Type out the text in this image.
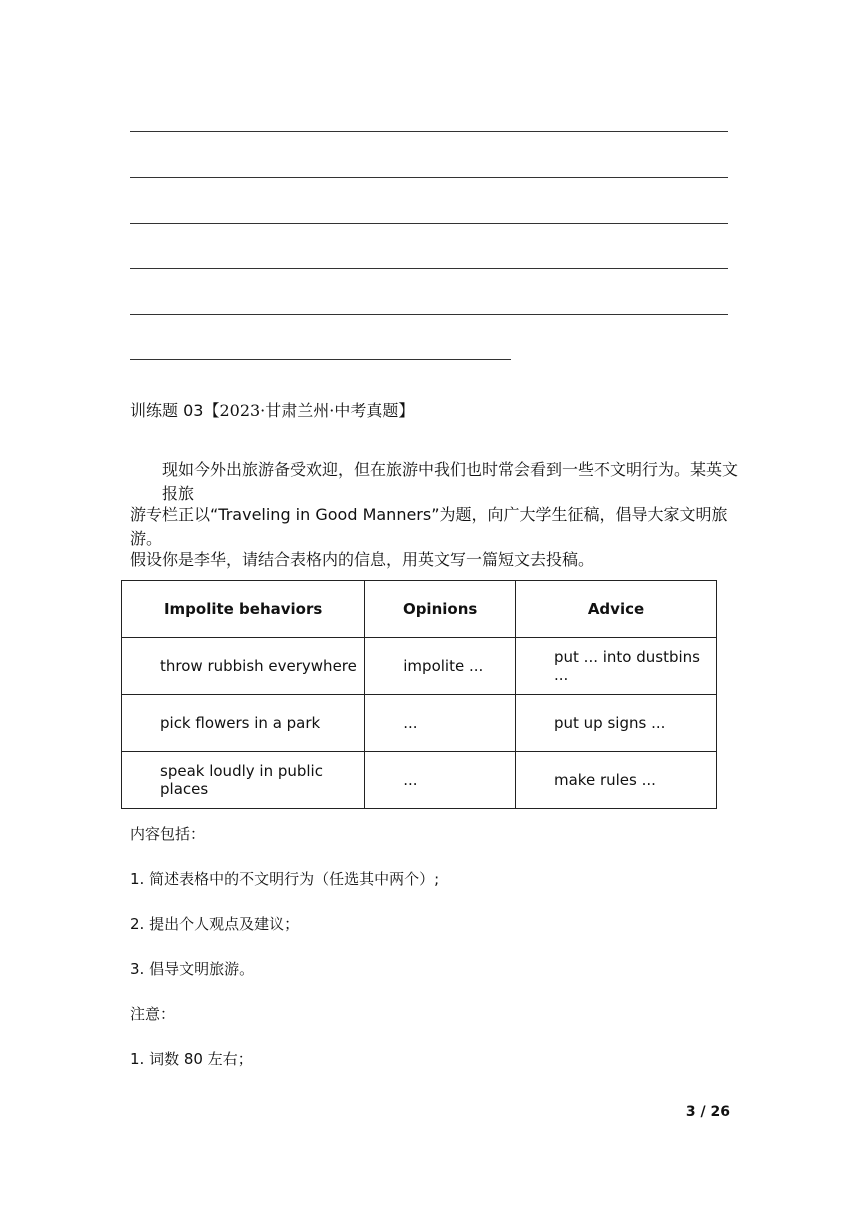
训练题 03【2023·甘肃兰州·中考真题】
现如今外出旅游备受欢迎，但在旅游中我们也时常会看到一些不文明行为。某英文报旅
游专栏正以“Traveling in Good Manners”为题，向广大学生征稿，倡导大家文明旅游。
假设你是李华，请结合表格内的信息，用英文写一篇短文去投稿。
Impolite behaviors	Opinions	Advice
throw rubbish everywhere	impolite ...	put ... into dustbins ...
pick flowers in a park	...	put up signs ...
speak loudly in public places	...	make rules ...
内容包括：
1. 简述表格中的不文明行为（任选其中两个）;
2. 提出个人观点及建议；
3. 倡导文明旅游。
注意：
1. 词数 80 左右；
3 / 26
